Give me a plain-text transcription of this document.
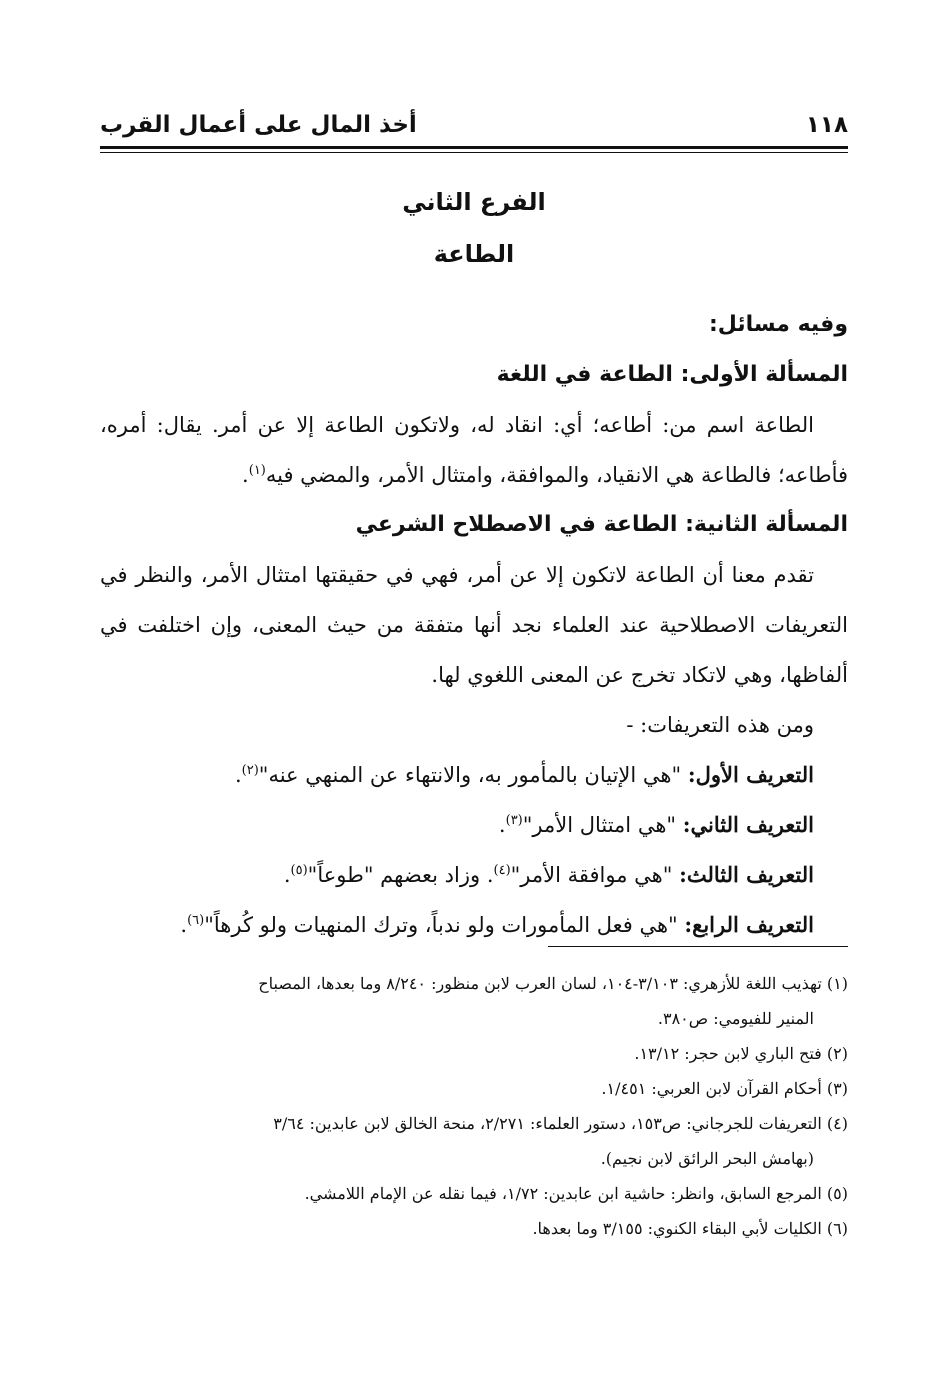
١١٨
أخذ المال على أعمال القرب
الفرع الثاني
الطاعة

وفيه مسائل:

المسألة الأولى: الطاعة في اللغة

الطاعة اسم من: أطاعه؛ أي: انقاد له، ولاتكون الطاعة إلا عن أمر. يقال: أمره، فأطاعه؛ فالطاعة هي الانقياد، والموافقة، وامتثال الأمر، والمضي فيه$^{(١)}$.

المسألة الثانية: الطاعة في الاصطلاح الشرعي

تقدم معنا أن الطاعة لاتكون إلا عن أمر، فهي في حقيقتها امتثال الأمر، والنظر في التعريفات الاصطلاحية عند العلماء نجد أنها متفقة من حيث المعنى، وإن اختلفت في ألفاظها، وهي لاتكاد تخرج عن المعنى اللغوي لها.

ومن هذه التعريفات: -

التعريف الأول: "هي الإتيان بالمأمور به، والانتهاء عن المنهي عنه"$^{(٢)}$.

التعريف الثاني: "هي امتثال الأمر"$^{(٣)}$.

التعريف الثالث: "هي موافقة الأمر"$^{(٤)}$. وزاد بعضهم "طوعاً"$^{(٥)}$.

التعريف الرابع: "هي فعل المأمورات ولو ندباً، وترك المنهيات ولو كُرهاً"$^{(٦)}$.

(١) تهذيب اللغة للأزهري: ٣/١٠٣-١٠٤، لسان العرب لابن منظور: ٨/٢٤٠ وما بعدها، المصباح

المنير للفيومي: ص٣٨٠.

(٢) فتح الباري لابن حجر: ١٣/١٢.

(٣) أحكام القرآن لابن العربي: ١/٤٥١.

(٤) التعريفات للجرجاني: ص١٥٣، دستور العلماء: ٢/٢٧١، منحة الخالق لابن عابدين: ٣/٦٤

(بهامش البحر الرائق لابن نجيم).

(٥) المرجع السابق، وانظر: حاشية ابن عابدين: ١/٧٢، فيما نقله عن الإمام اللامشي.

(٦) الكليات لأبي البقاء الكنوي: ٣/١٥٥ وما بعدها.
